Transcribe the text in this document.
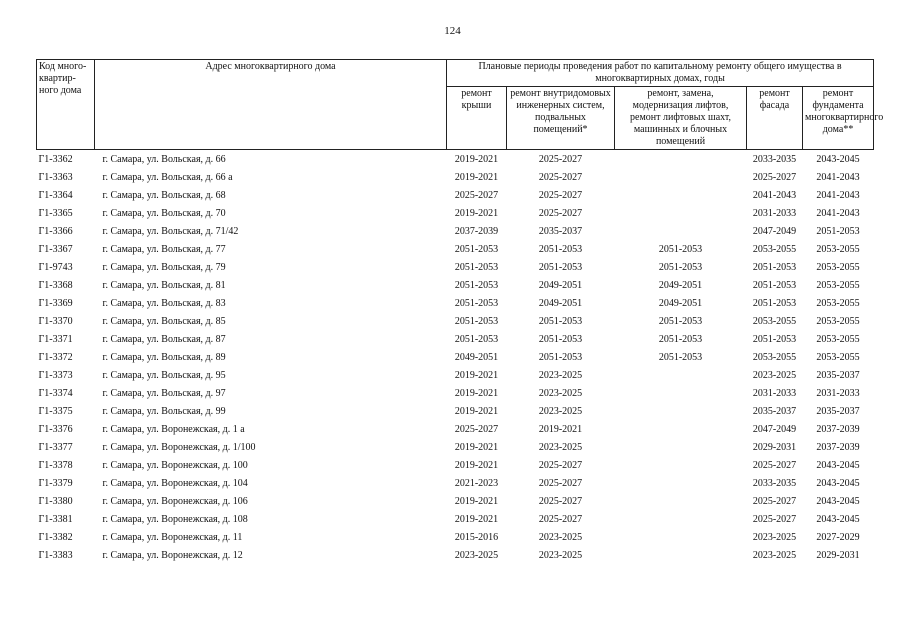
124
Код много-квартир-ного дома	Адрес многоквартирного дома	Плановые периоды проведения работ по капитальному ремонту общего имущества в многоквартирных домах, годы				
		ремонт крыши	ремонт внутридомовых инженерных систем, подвальных помещений*	ремонт, замена, модернизация лифтов, ремонт лифтовых шахт, машинных и блочных помещений	ремонт фасада	ремонт фундамента многоквартирного дома**
Г1-3362	г. Самара, ул. Вольская, д. 66	2019-2021	2025-2027		2033-2035	2043-2045
Г1-3363	г. Самара, ул. Вольская, д. 66 а	2019-2021	2025-2027		2025-2027	2041-2043
Г1-3364	г. Самара, ул. Вольская, д. 68	2025-2027	2025-2027		2041-2043	2041-2043
Г1-3365	г. Самара, ул. Вольская, д. 70	2019-2021	2025-2027		2031-2033	2041-2043
Г1-3366	г. Самара, ул. Вольская, д. 71/42	2037-2039	2035-2037		2047-2049	2051-2053
Г1-3367	г. Самара, ул. Вольская, д. 77	2051-2053	2051-2053	2051-2053	2053-2055	2053-2055
Г1-9743	г. Самара, ул. Вольская, д. 79	2051-2053	2051-2053	2051-2053	2051-2053	2053-2055
Г1-3368	г. Самара, ул. Вольская, д. 81	2051-2053	2049-2051	2049-2051	2051-2053	2053-2055
Г1-3369	г. Самара, ул. Вольская, д. 83	2051-2053	2049-2051	2049-2051	2051-2053	2053-2055
Г1-3370	г. Самара, ул. Вольская, д. 85	2051-2053	2051-2053	2051-2053	2053-2055	2053-2055
Г1-3371	г. Самара, ул. Вольская, д. 87	2051-2053	2051-2053	2051-2053	2051-2053	2053-2055
Г1-3372	г. Самара, ул. Вольская, д. 89	2049-2051	2051-2053	2051-2053	2053-2055	2053-2055
Г1-3373	г. Самара, ул. Вольская, д. 95	2019-2021	2023-2025		2023-2025	2035-2037
Г1-3374	г. Самара, ул. Вольская, д. 97	2019-2021	2023-2025		2031-2033	2031-2033
Г1-3375	г. Самара, ул. Вольская, д. 99	2019-2021	2023-2025		2035-2037	2035-2037
Г1-3376	г. Самара, ул. Воронежская, д. 1 а	2025-2027	2019-2021		2047-2049	2037-2039
Г1-3377	г. Самара, ул. Воронежская, д. 1/100	2019-2021	2023-2025		2029-2031	2037-2039
Г1-3378	г. Самара, ул. Воронежская, д. 100	2019-2021	2025-2027		2025-2027	2043-2045
Г1-3379	г. Самара, ул. Воронежская, д. 104	2021-2023	2025-2027		2033-2035	2043-2045
Г1-3380	г. Самара, ул. Воронежская, д. 106	2019-2021	2025-2027		2025-2027	2043-2045
Г1-3381	г. Самара, ул. Воронежская, д. 108	2019-2021	2025-2027		2025-2027	2043-2045
Г1-3382	г. Самара, ул. Воронежская, д. 11	2015-2016	2023-2025		2023-2025	2027-2029
Г1-3383	г. Самара, ул. Воронежская, д. 12	2023-2025	2023-2025		2023-2025	2029-2031
